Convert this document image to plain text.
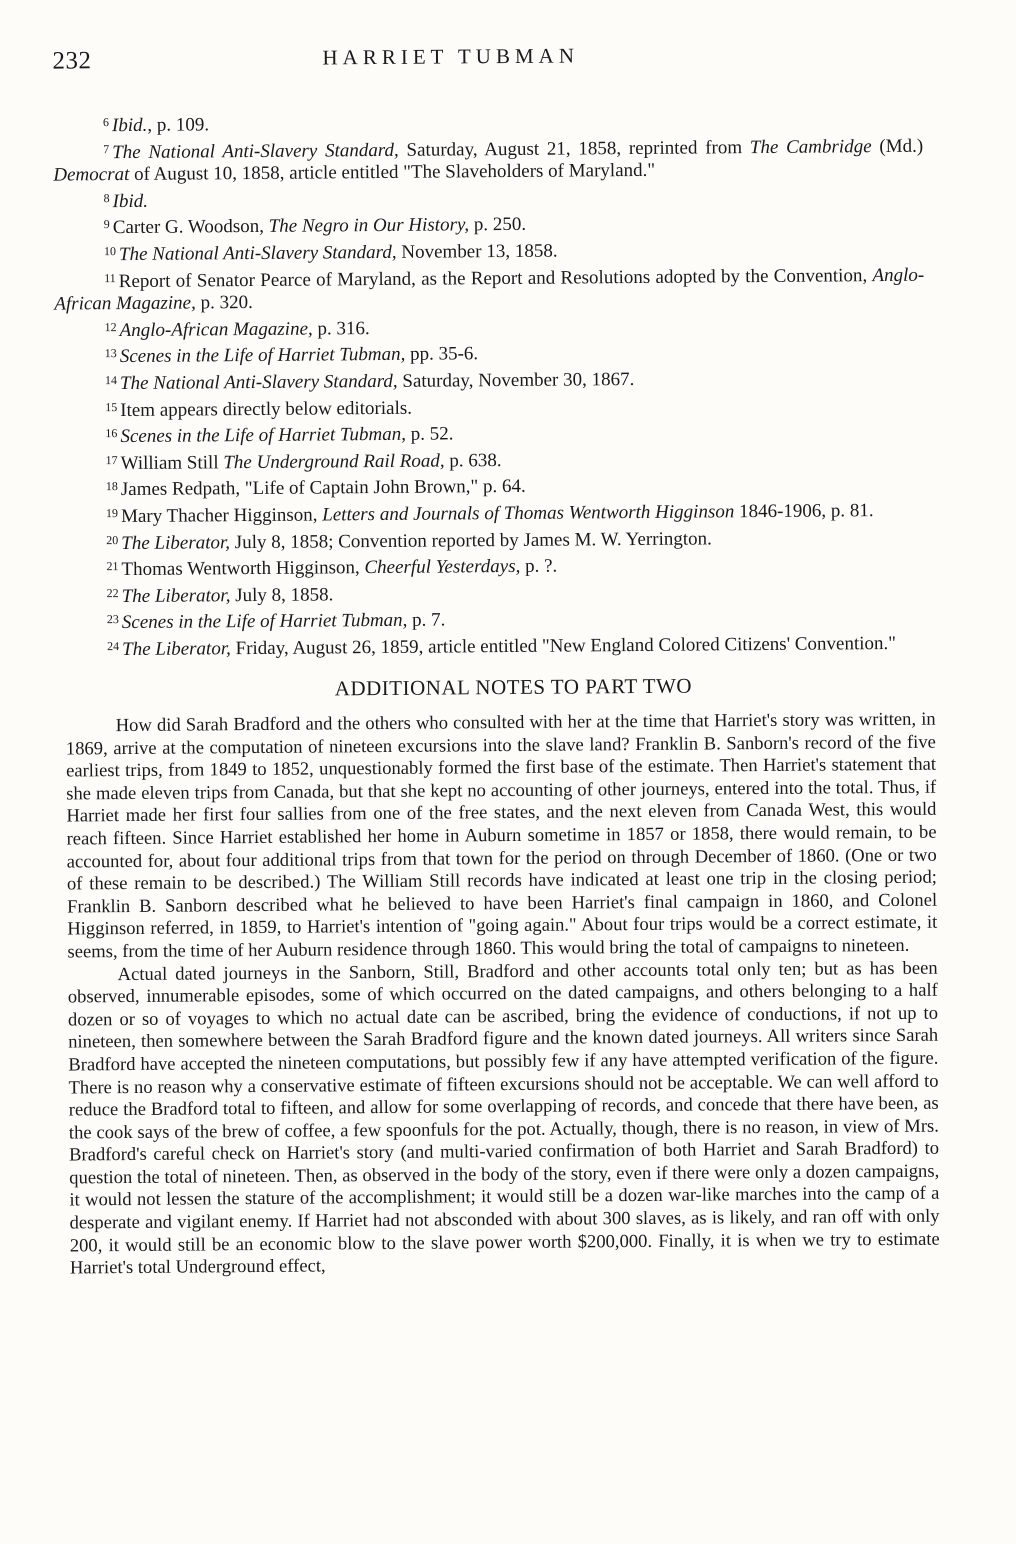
232	HARRIET TUBMAN

$^6$ Ibid., p. 109.

$^7$ The National Anti-Slavery Standard, Saturday, August 21, 1858, reprinted from The Cambridge (Md.) Democrat of August 10, 1858, article entitled "The Slaveholders of Maryland."

$^8$ Ibid.

$^9$ Carter G. Woodson, The Negro in Our History, p. 250.

$^{10}$ The National Anti-Slavery Standard, November 13, 1858.

$^{11}$ Report of Senator Pearce of Maryland, as the Report and Resolutions adopted by the Convention, Anglo-African Magazine, p. 320.

$^{12}$ Anglo-African Magazine, p. 316.

$^{13}$ Scenes in the Life of Harriet Tubman, pp. 35-6.

$^{14}$ The National Anti-Slavery Standard, Saturday, November 30, 1867.

$^{15}$ Item appears directly below editorials.

$^{16}$ Scenes in the Life of Harriet Tubman, p. 52.

$^{17}$ William Still The Underground Rail Road, p. 638.

$^{18}$ James Redpath, "Life of Captain John Brown," p. 64.

$^{19}$ Mary Thacher Higginson, Letters and Journals of Thomas Wentworth Higginson 1846-1906, p. 81.

$^{20}$ The Liberator, July 8, 1858; Convention reported by James M. W. Yerrington.

$^{21}$ Thomas Wentworth Higginson, Cheerful Yesterdays, p. ?.

$^{22}$ The Liberator, July 8, 1858.

$^{23}$ Scenes in the Life of Harriet Tubman, p. 7.

$^{24}$ The Liberator, Friday, August 26, 1859, article entitled "New England Colored Citizens' Convention."

ADDITIONAL NOTES TO PART TWO

How did Sarah Bradford and the others who consulted with her at the time that Harriet's story was written, in 1869, arrive at the computation of nineteen excursions into the slave land? Franklin B. Sanborn's record of the five earliest trips, from 1849 to 1852, unquestionably formed the first base of the estimate. Then Harriet's statement that she made eleven trips from Canada, but that she kept no accounting of other journeys, entered into the total. Thus, if Harriet made her first four sallies from one of the free states, and the next eleven from Canada West, this would reach fifteen. Since Harriet established her home in Auburn sometime in 1857 or 1858, there would remain, to be accounted for, about four additional trips from that town for the period on through December of 1860. (One or two of these remain to be described.) The William Still records have indicated at least one trip in the closing period; Franklin B. Sanborn described what he believed to have been Harriet's final campaign in 1860, and Colonel Higginson referred, in 1859, to Harriet's intention of "going again." About four trips would be a correct estimate, it seems, from the time of her Auburn residence through 1860. This would bring the total of campaigns to nineteen.

Actual dated journeys in the Sanborn, Still, Bradford and other accounts total only ten; but as has been observed, innumerable episodes, some of which occurred on the dated campaigns, and others belonging to a half dozen or so of voyages to which no actual date can be ascribed, bring the evidence of conductions, if not up to nineteen, then somewhere between the Sarah Bradford figure and the known dated journeys. All writers since Sarah Bradford have accepted the nineteen computations, but possibly few if any have attempted verification of the figure. There is no reason why a conservative estimate of fifteen excursions should not be acceptable. We can well afford to reduce the Bradford total to fifteen, and allow for some overlapping of records, and concede that there have been, as the cook says of the brew of coffee, a few spoonfuls for the pot. Actually, though, there is no reason, in view of Mrs. Bradford's careful check on Harriet's story (and multi-varied confirmation of both Harriet and Sarah Bradford) to question the total of nineteen. Then, as observed in the body of the story, even if there were only a dozen campaigns, it would not lessen the stature of the accomplishment; it would still be a dozen war-like marches into the camp of a desperate and vigilant enemy. If Harriet had not absconded with about 300 slaves, as is likely, and ran off with only 200, it would still be an economic blow to the slave power worth $200,000. Finally, it is when we try to estimate Harriet's total Underground effect,
